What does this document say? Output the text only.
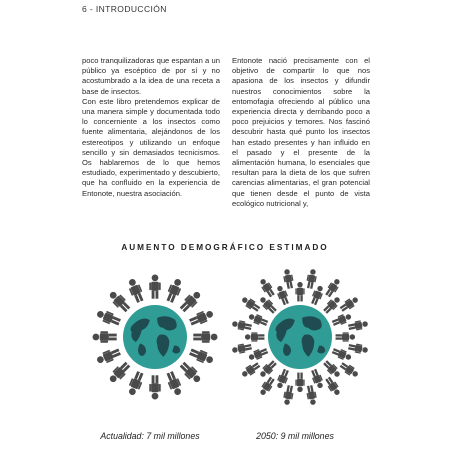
6 - INTRODUCCIÓN

poco tranquilizadoras que espantan a un público ya escéptico de por sí y no acostumbrado a la idea de una receta a base de insectos.

Con este libro pretendemos explicar de una manera simple y documentada todo lo concerniente a los insectos como fuente alimentaria, alejándonos de los estereotipos y utilizando un enfoque sencillo y sin demasiados tecnicismos. Os hablaremos de lo que hemos estudiado, experimentado y descubierto, que ha confluido en la experiencia de Entonote, nuestra asociación.

Entonote nació precisamente con el objetivo de compartir lo que nos apasiona de los insectos y difundir nuestros conocimientos sobre la entomofagia ofreciendo al público una experiencia directa y derribando poco a poco prejuicios y temores. Nos fascinó descubrir hasta qué punto los insectos han estado presentes y han influido en el pasado y el presente de la alimentación humana, lo esenciales que resultan para la dieta de los que sufren carencias alimentarias, el gran potencial que tienen desde el punto de vista ecológico nutricional y,

AUMENTO DEMOGRÁFICO ESTIMADO
Actualidad: 7 mil millones	2050: 9 mil millones
